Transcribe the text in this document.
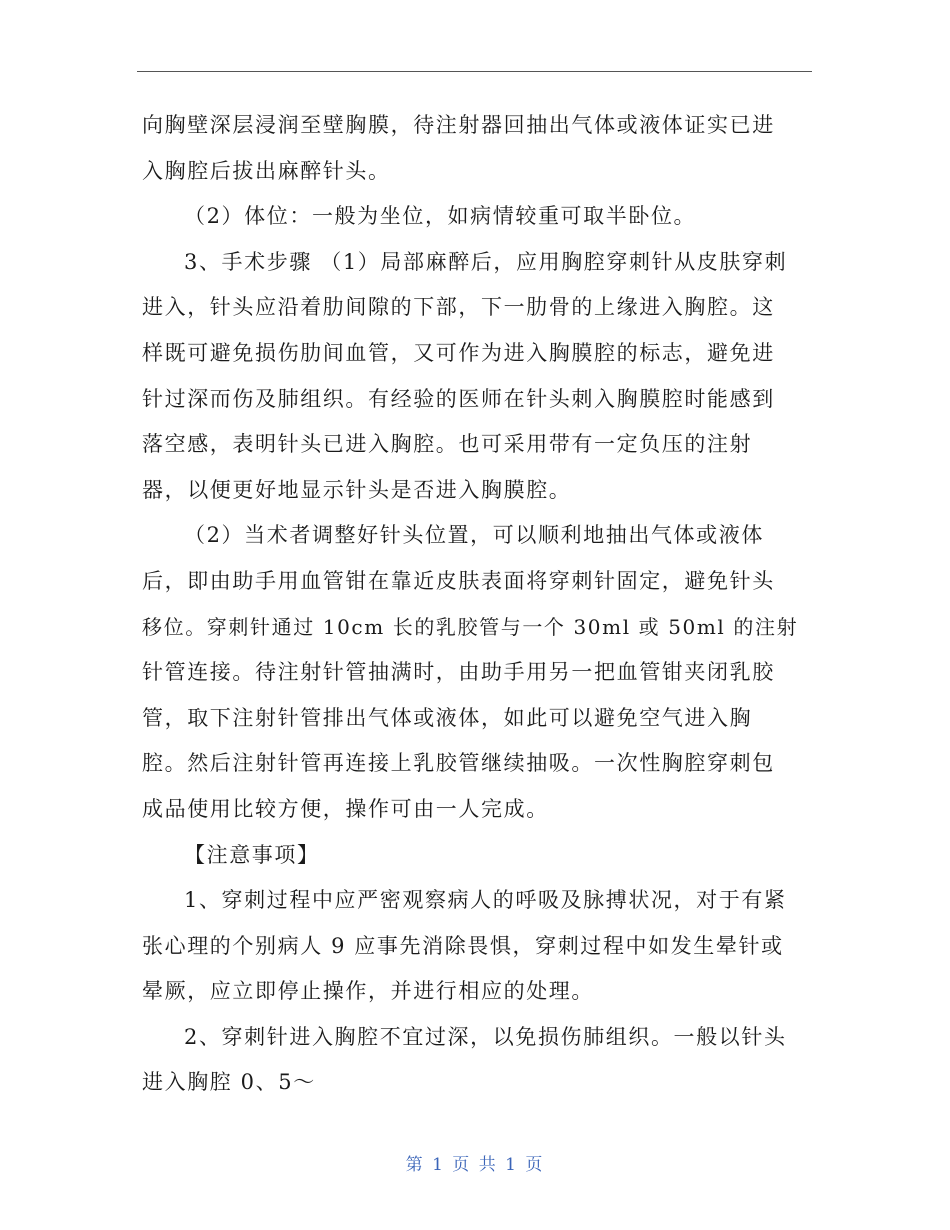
向胸壁深层浸润至壁胸膜，待注射器回抽出气体或液体证实已进
入胸腔后拔出麻醉针头。
（2）体位：一般为坐位，如病情较重可取半卧位。
3、手术步骤 （1）局部麻醉后，应用胸腔穿刺针从皮肤穿刺
进入，针头应沿着肋间隙的下部，下一肋骨的上缘进入胸腔。这
样既可避免损伤肋间血管，又可作为进入胸膜腔的标志，避免进
针过深而伤及肺组织。有经验的医师在针头刺入胸膜腔时能感到
落空感，表明针头已进入胸腔。也可采用带有一定负压的注射
器，以便更好地显示针头是否进入胸膜腔。
（2）当术者调整好针头位置，可以顺利地抽出气体或液体
后，即由助手用血管钳在靠近皮肤表面将穿刺针固定，避免针头
移位。穿刺针通过 10cm 长的乳胶管与一个 30ml 或 50ml 的注射
针管连接。待注射针管抽满时，由助手用另一把血管钳夹闭乳胶
管，取下注射针管排出气体或液体，如此可以避免空气进入胸
腔。然后注射针管再连接上乳胶管继续抽吸。一次性胸腔穿刺包
成品使用比较方便，操作可由一人完成。
【注意事项】
1、穿刺过程中应严密观察病人的呼吸及脉搏状况，对于有紧
张心理的个别病人 9 应事先消除畏惧，穿刺过程中如发生晕针或
晕厥，应立即停止操作，并进行相应的处理。
2、穿刺针进入胸腔不宜过深，以免损伤肺组织。一般以针头
进入胸腔 0、5～
第 1 页 共 1 页
